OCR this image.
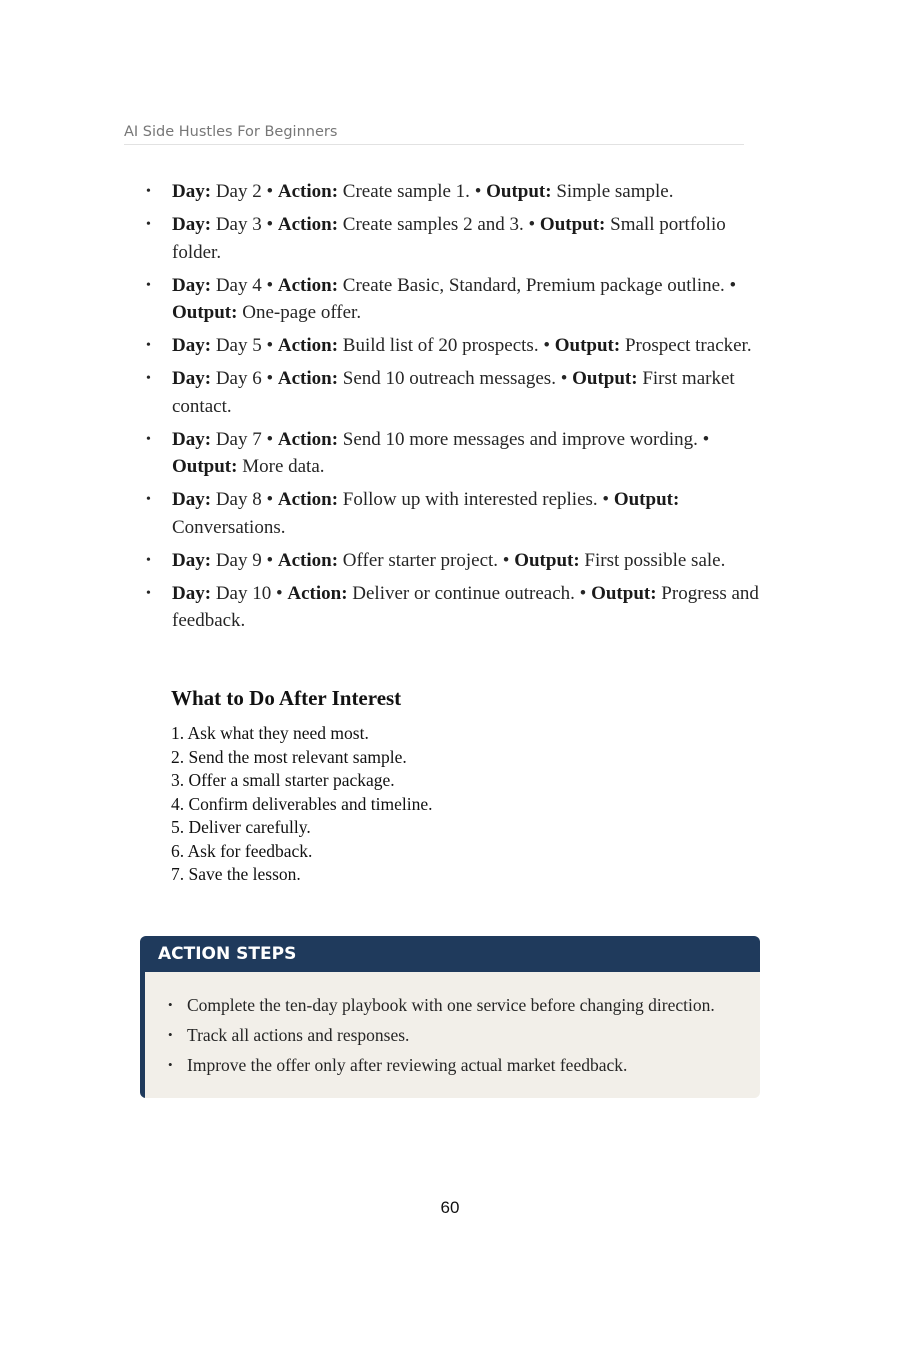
AI Side Hustles For Beginners
• Day: Day 2 • Action: Create sample 1. • Output: Simple sample.
• Day: Day 3 • Action: Create samples 2 and 3. • Output: Small portfolio folder.
• Day: Day 4 • Action: Create Basic, Standard, Premium package outline. • Output: One-page offer.
• Day: Day 5 • Action: Build list of 20 prospects. • Output: Prospect tracker.
• Day: Day 6 • Action: Send 10 outreach messages. • Output: First market contact.
• Day: Day 7 • Action: Send 10 more messages and improve wording. • Output: More data.
• Day: Day 8 • Action: Follow up with interested replies. • Output: Conversations.
• Day: Day 9 • Action: Offer starter project. • Output: First possible sale.
• Day: Day 10 • Action: Deliver or continue outreach. • Output: Progress and feedback.
What to Do After Interest
1. Ask what they need most.
2. Send the most relevant sample.
3. Offer a small starter package.
4. Confirm deliverables and timeline.
5. Deliver carefully.
6. Ask for feedback.
7. Save the lesson.
ACTION STEPS
• Complete the ten-day playbook with one service before changing direction.
• Track all actions and responses.
• Improve the offer only after reviewing actual market feedback.
60
